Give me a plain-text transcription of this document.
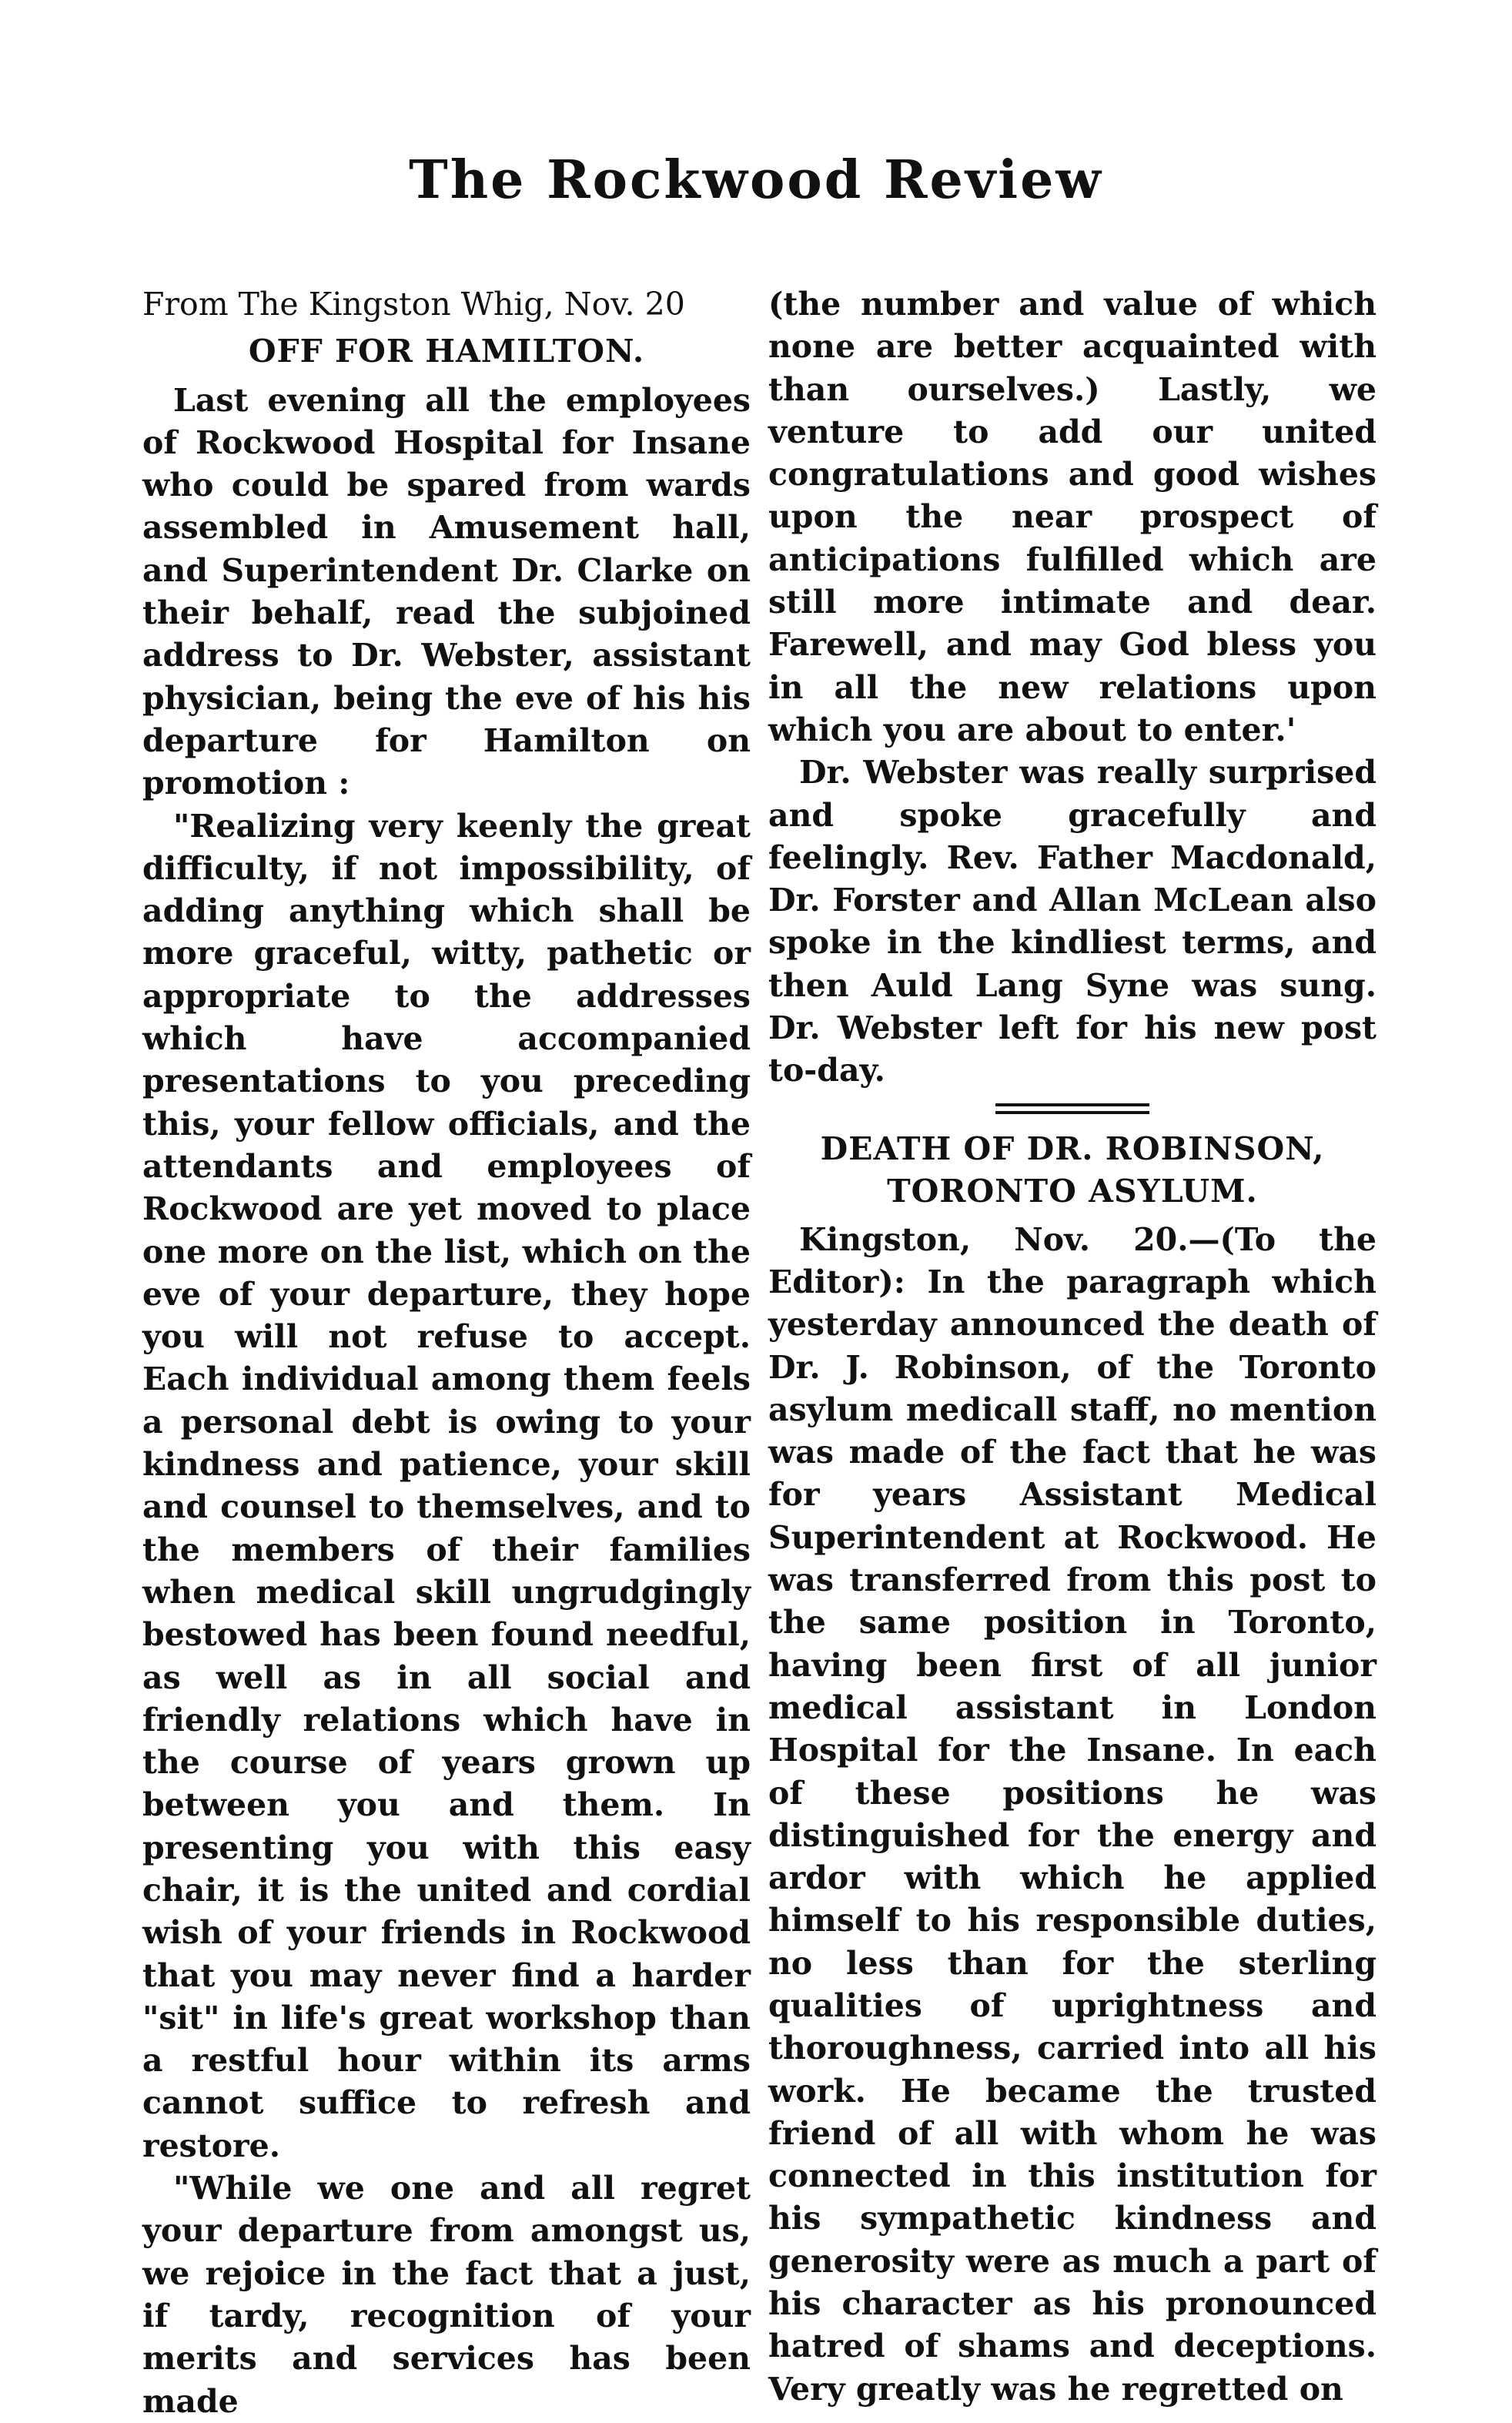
The Rockwood Review

From The Kingston Whig, Nov. 20

OFF FOR HAMILTON.

Last evening all the employees of Rockwood Hospital for Insane who could be spared from wards assembled in Amusement hall, and Superintendent Dr. Clarke on their behalf, read the subjoined address to Dr. Webster, assistant physician, being the eve of his his departure for Hamilton on promotion :

"Realizing very keenly the great difficulty, if not impossibility, of adding anything which shall be more graceful, witty, pathetic or appropriate to the addresses which have accompanied presentations to you preceding this, your fellow officials, and the attendants and employees of Rockwood are yet moved to place one more on the list, which on the eve of your departure, they hope you will not refuse to accept. Each individual among them feels a personal debt is owing to your kindness and patience, your skill and counsel to themselves, and to the members of their families when medical skill ungrudgingly bestowed has been found needful, as well as in all social and friendly relations which have in the course of years grown up between you and them. In presenting you with this easy chair, it is the united and cordial wish of your friends in Rockwood that you may never find a harder "sit" in life's great workshop than a restful hour within its arms cannot suffice to refresh and restore.

"While we one and all regret your departure from amongst us, we rejoice in the fact that a just, if tardy, recognition of your merits and services has been made

(the number and value of which none are better acquainted with than ourselves.) Lastly, we venture to add our united congratulations and good wishes upon the near prospect of anticipations fulfilled which are still more intimate and dear. Farewell, and may God bless you in all the new relations upon which you are about to enter.'

Dr. Webster was really surprised and spoke gracefully and feelingly. Rev. Father Macdonald, Dr. Forster and Allan McLean also spoke in the kindliest terms, and then Auld Lang Syne was sung. Dr. Webster left for his new post to-day.

DEATH OF DR. ROBINSON, TORONTO ASYLUM.

Kingston, Nov. 20.—(To the Editor): In the paragraph which yesterday announced the death of Dr. J. Robinson, of the Toronto asylum medicall staff, no mention was made of the fact that he was for years Assistant Medical Superintendent at Rockwood. He was transferred from this post to the same position in Toronto, having been first of all junior medical assistant in London Hospital for the Insane. In each of these positions he was distinguished for the energy and ardor with which he applied himself to his responsible duties, no less than for the sterling qualities of uprightness and thoroughness, carried into all his work. He became the trusted friend of all with whom he was connected in this institution for his sympathetic kindness and generosity were as much a part of his character as his pronounced hatred of shams and deceptions. Very greatly was he regretted on
